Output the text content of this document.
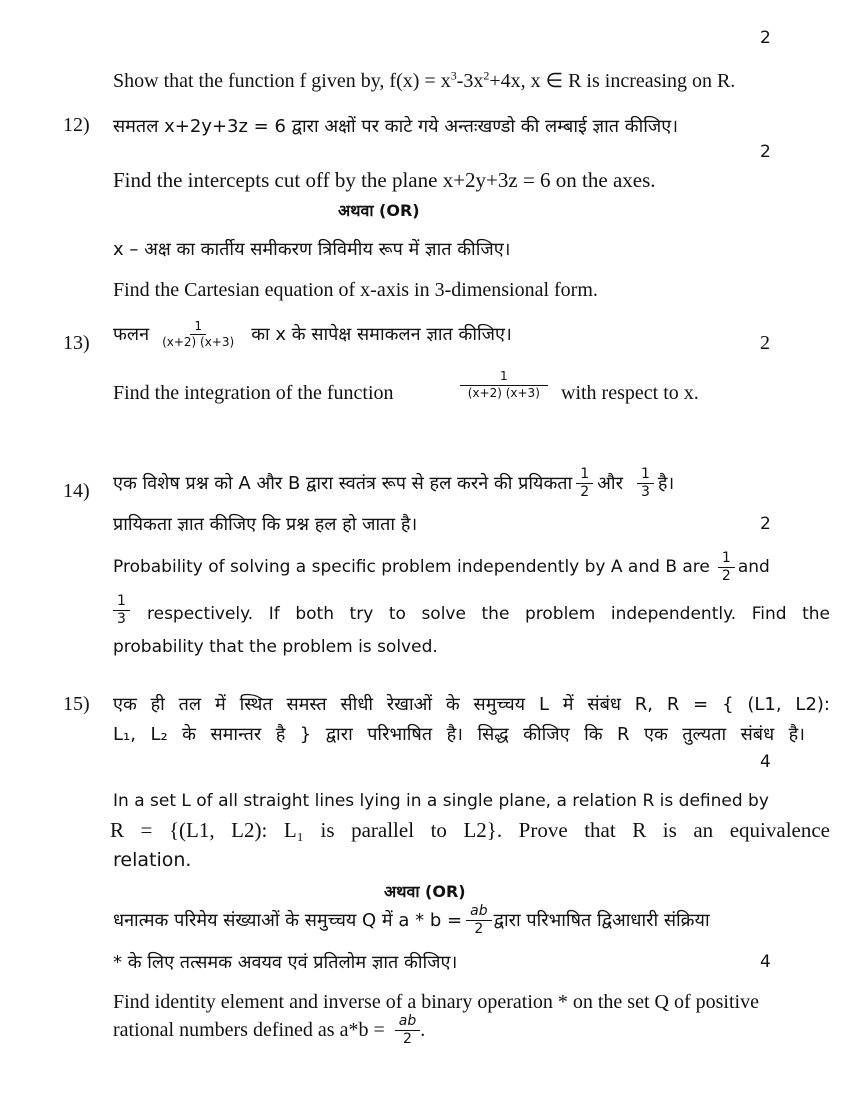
2
Show that the function f given by, $f(x) = x^3-3x^2+4x$, x ∈ R is increasing on R.
12) समतल x+2y+3z = 6 द्वारा अक्षों पर काटे गये अन्तःखण्डो की लम्बाई ज्ञात कीजिए।
2
Find the intercepts cut off by the plane x+2y+3z = 6 on the axes.
अथवा (OR)
x – अक्ष का कार्तीय समीकरण त्रिविमीय रूप में ज्ञात कीजिए।
Find the Cartesian equation of x-axis in 3-dimensional form.
13) फलन $\frac{1}{(x+2) (x+3)}$ का x के सापेक्ष समाकलन ज्ञात कीजिए।	2
Find the integration of the function	$\frac{1}{(x+2) (x+3)}$ with respect to x.
14) एक विशेष प्रश्न को A और B द्वारा स्वतंत्र रूप से हल करने की प्रयिकता $\frac{1}{2}$ और $\frac{1}{3}$ है।
प्रायिकता ज्ञात कीजिए कि प्रश्न हल हो जाता है।	2
Probability of solving a specific problem independently by A and B are $\frac{1}{2}$ and
$\frac{1}{3}$ respectively. If both try to solve the problem independently. Find the
probability that the problem is solved.
15) एक ही तल में स्थित समस्त सीधी रेखाओं के समुच्चय L में संबंध R, R = { (L1, L2):
L₁, L₂ के समान्तर है } द्वारा परिभाषित है। सिद्ध कीजिए कि R एक तुल्यता संबंध है।
4
In a set L of all straight lines lying in a single plane, a relation R is defined by
R = {(L1, L2): L₁ is parallel to L2}. Prove that R is an equivalence
relation.
अथवा (OR)
धनात्मक परिमेय संख्याओं के समुच्चय Q में $a * b = \frac{ab}{2}$ द्वारा परिभाषित द्विआधारी संक्रिया
* के लिए तत्समक अवयव एवं प्रतिलोम ज्ञात कीजिए।	4
Find identity element and inverse of a binary operation * on the set Q of positive
rational numbers defined as $a*b = \frac{ab}{2}$ .
